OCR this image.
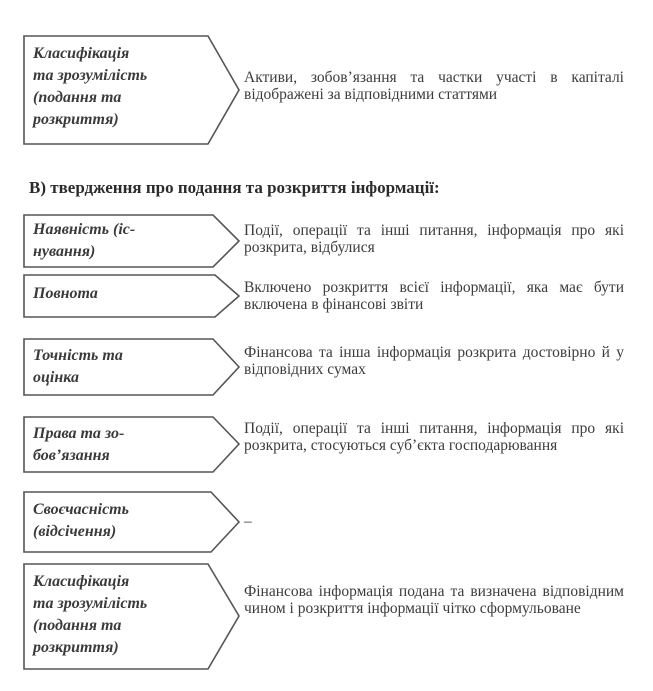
Класифікація
та зрозумілість
(подання та
розкриття)
Активи, зобов’язання та частки участі в капіталі відображені за відповідними статтями
В) твердження про подання та розкриття інформації:
Наявність (іс-
нування)
Події, операції та інші питання, інформація про які розкрита, відбулися
Повнота	Включено розкриття всієї інформації, яка має бути включена в фінансові звіти
Точність та
оцінка
Фінансова та інша інформація розкрита достовірно й у відповідних сумах
Права та зо-
бов’язання
Події, операції та інші питання, інформація про які розкрита, стосуються суб’єкта господарювання
Своєчасність
(відсічення)
–
Класифікація
та зрозумілість
(подання та
розкриття)
Фінансова інформація подана та визначена відповідним чином і розкриття інформації чітко сформульоване
